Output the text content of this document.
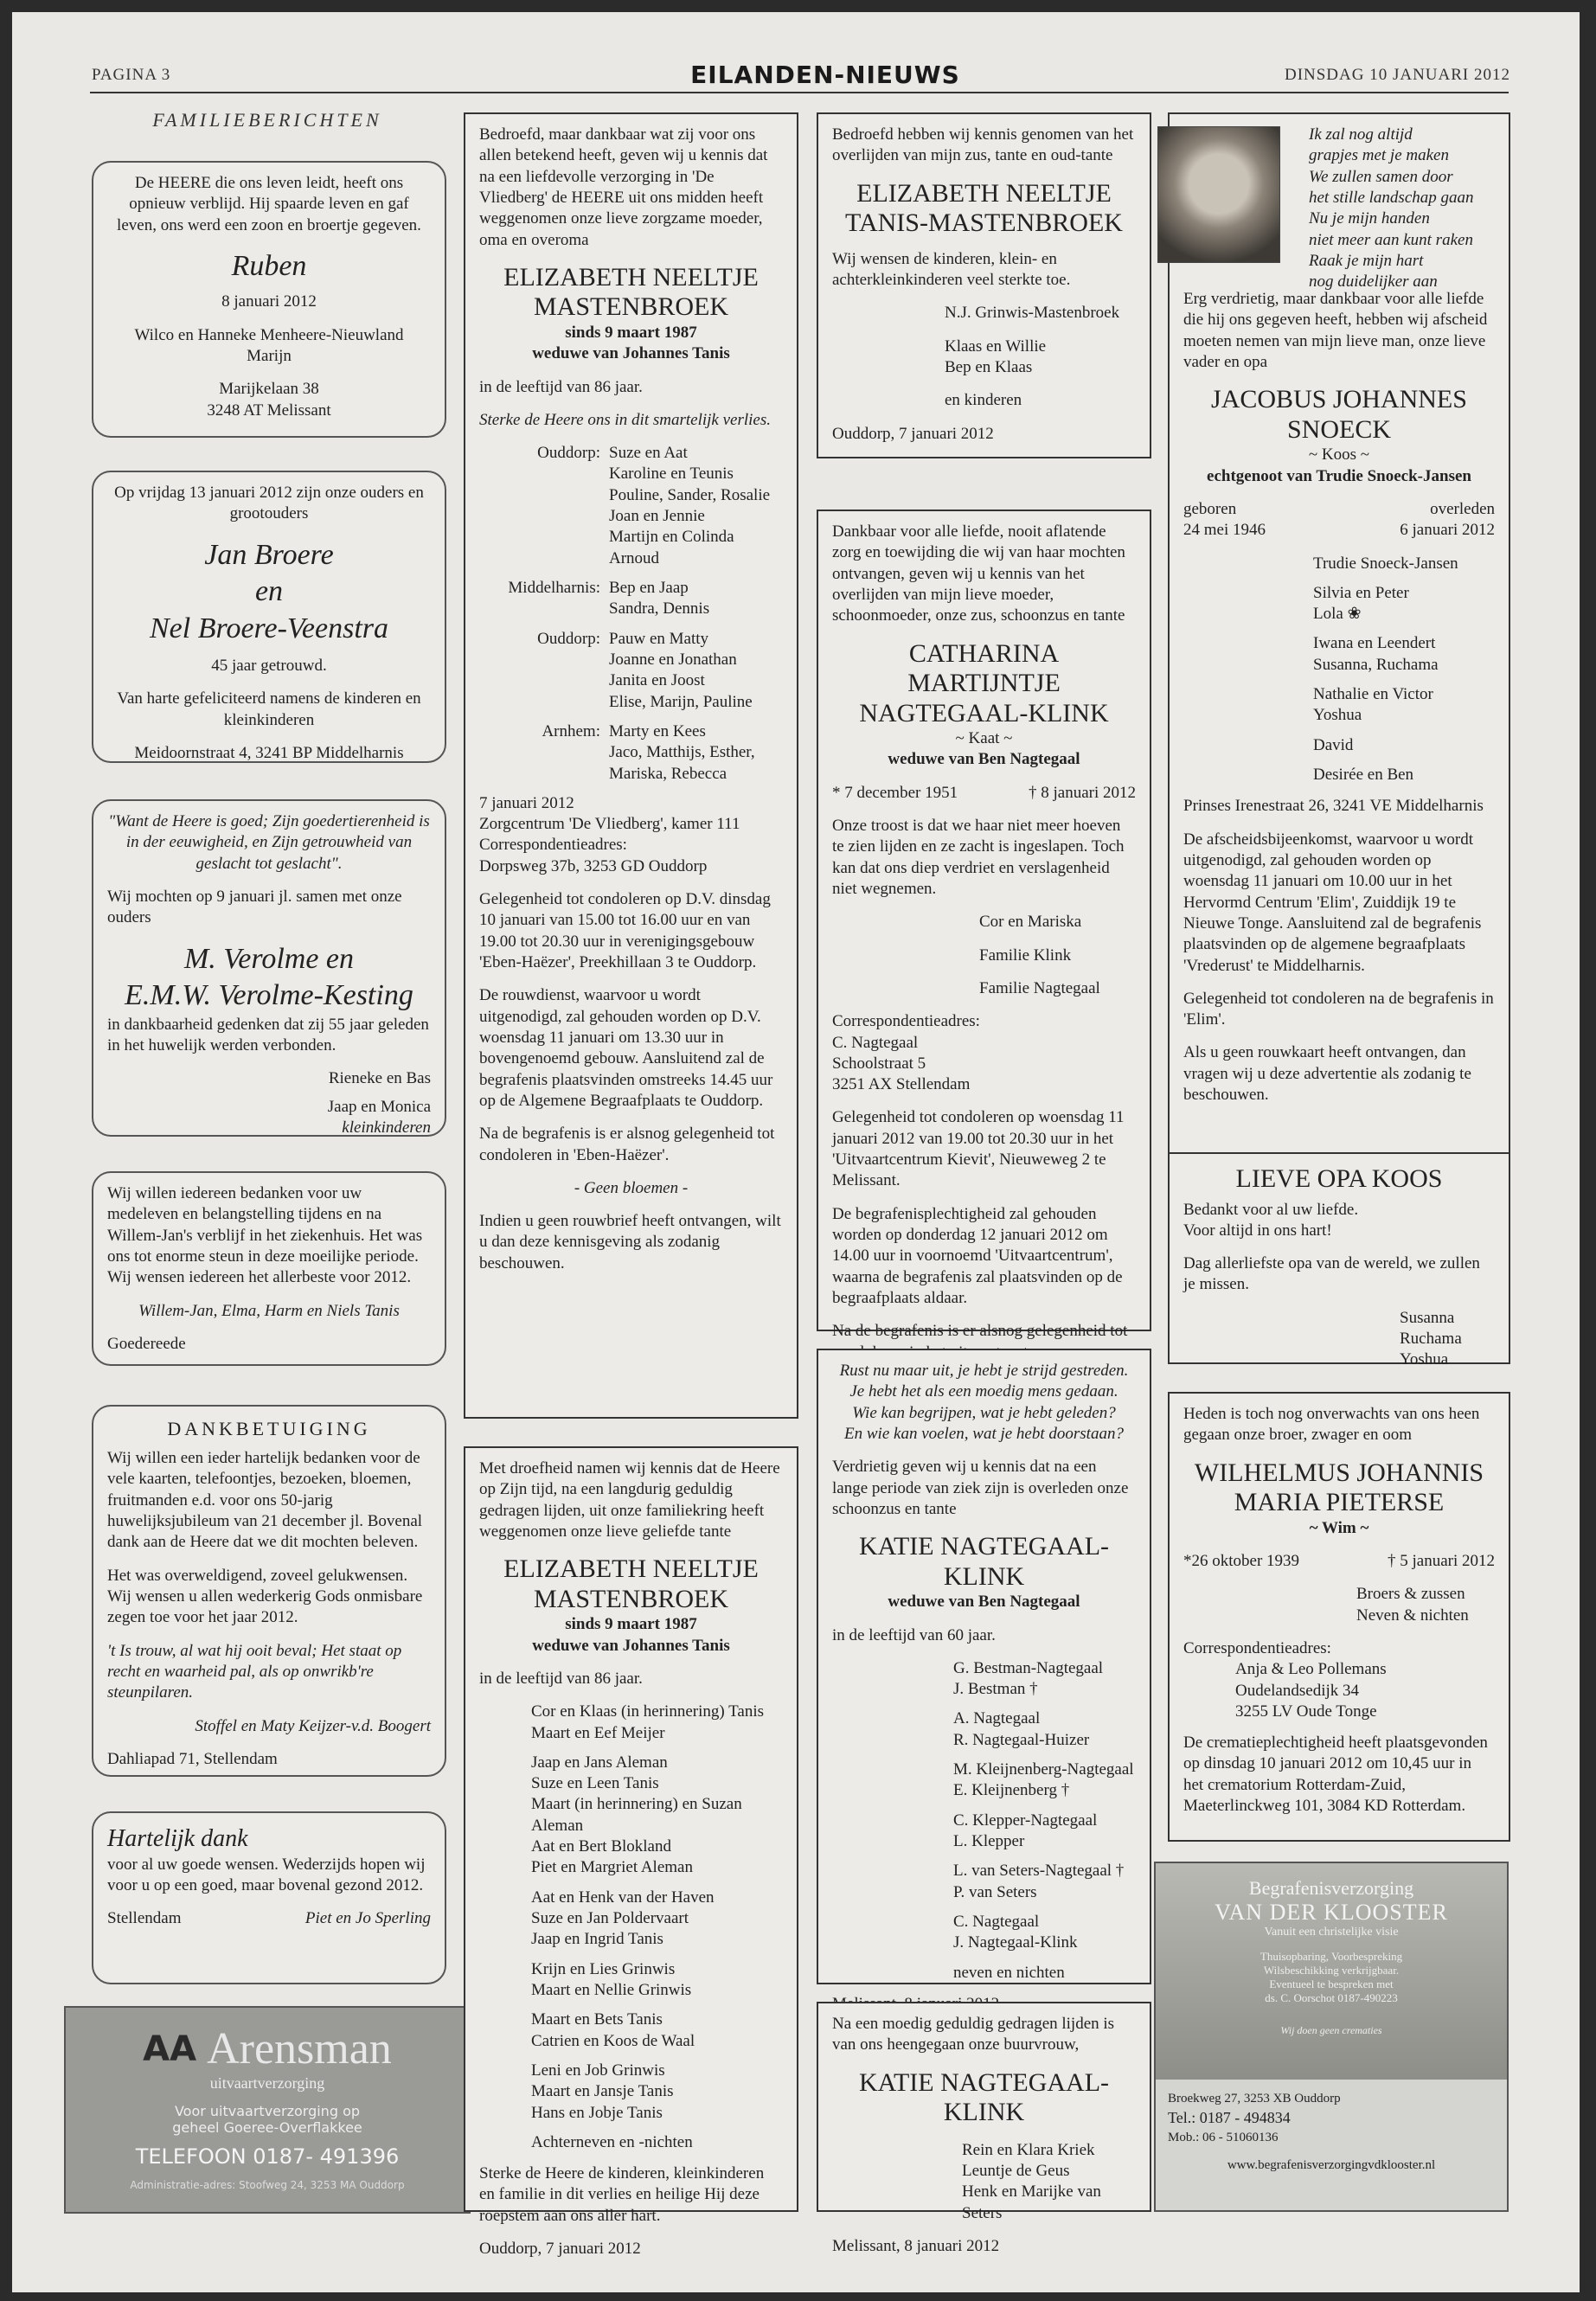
PAGINA 3	EILANDEN-NIEUWS	DINSDAG 10 JANUARI 2012
FAMILIEBERICHTEN

De HEERE die ons leven leidt, heeft ons opnieuw verblijd. Hij spaarde leven en gaf leven, ons werd een zoon en broertje gegeven.

Ruben

8 januari 2012

Wilco en Hanneke Menheere-Nieuwland

Marijn

Marijkelaan 38
3248 AT Melissant

Op vrijdag 13 januari 2012 zijn onze ouders en grootouders

Jan Broere
en
Nel Broere-Veenstra

45 jaar getrouwd.

Van harte gefeliciteerd namens de kinderen en kleinkinderen

Meidoornstraat 4, 3241 BP Middelharnis

"Want de Heere is goed; Zijn goedertierenheid is in der eeuwigheid, en Zijn getrouwheid van geslacht tot geslacht".

Wij mochten op 9 januari jl. samen met onze ouders

M. Verolme en
E.M.W. Verolme-Kesting

in dankbaarheid gedenken dat zij 55 jaar geleden in het huwelijk werden verbonden.

Rieneke en Bas
Jaap en Monica
kleinkinderen

Wij willen iedereen bedanken voor uw medeleven en belangstelling tijdens en na Willem-Jan's verblijf in het ziekenhuis. Het was ons tot enorme steun in deze moeilijke periode. Wij wensen iedereen het allerbeste voor 2012.

Willem-Jan, Elma, Harm en Niels Tanis

Goedereede
DANKBETUIGING

Wij willen een ieder hartelijk bedanken voor de vele kaarten, telefoontjes, bezoeken, bloemen, fruitmanden e.d. voor ons 50-jarig huwelijksjubileum van 21 december jl. Bovenal dank aan de Heere dat we dit mochten beleven.

Het was overweldigend, zoveel gelukwensen. Wij wensen u allen wederkerig Gods onmisbare zegen toe voor het jaar 2012.

't Is trouw, al wat hij ooit beval; Het staat op recht en waarheid pal, als op onwrikb're steunpilaren.

Stoffel en Maty Keijzer-v.d. Boogert

Dahliapad 71, Stellendam
Hartelijk dank

voor al uw goede wensen. Wederzijds hopen wij voor u op een goed, maar bovenal gezond 2012.

Stellendam	Piet en Jo Sperling
AA Arensman
uitvaartverzorging
Voor uitvaartverzorging op
geheel Goeree-Overflakkee
TELEFOON 0187- 491396
Administratie-adres: Stoofweg 24, 3253 MA Ouddorp

Bedroefd, maar dankbaar wat zij voor ons allen betekend heeft, geven wij u kennis dat na een liefdevolle verzorging in 'De Vliedberg' de HEERE uit ons midden heeft weggenomen onze lieve zorgzame moeder, oma en overoma

ELIZABETH NEELTJE MASTENBROEK
sinds 9 maart 1987

weduwe van Johannes Tanis

in de leeftijd van 86 jaar.

Sterke de Heere ons in dit smartelijk verlies.

Ouddorp: Suze en Aat
Karoline en Teunis
Pouline, Sander, Rosalie
Joan en Jennie
Martijn en Colinda
Arnoud
Middelharnis: Bep en Jaap
Sandra, Dennis
Ouddorp: Pauw en Matty
Joanne en Jonathan
Janita en Joost
Elise, Marijn, Pauline
Arnhem: Marty en Kees
Jaco, Matthijs, Esther,
Mariska, Rebecca
7 januari 2012
Zorgcentrum 'De Vliedberg', kamer 111
Correspondentieadres:

Dorpsweg 37b, 3253 GD Ouddorp

Gelegenheid tot condoleren op D.V. dinsdag 10 januari van 15.00 tot 16.00 uur en van 19.00 tot 20.30 uur in verenigingsgebouw 'Eben-Haëzer', Preekhillaan 3 te Ouddorp.

De rouwdienst, waarvoor u wordt uitgenodigd, zal gehouden worden op D.V. woensdag 11 januari om 13.30 uur in bovengenoemd gebouw. Aansluitend zal de begrafenis plaatsvinden omstreeks 14.45 uur op de Algemene Begraafplaats te Ouddorp.

Na de begrafenis is er alsnog gelegenheid tot condoleren in 'Eben-Haëzer'.

- Geen bloemen -

Indien u geen rouwbrief heeft ontvangen, wilt u dan deze kennisgeving als zodanig beschouwen.

Met droefheid namen wij kennis dat de Heere op Zijn tijd, na een langdurig geduldig gedragen lijden, uit onze familiekring heeft weggenomen onze lieve geliefde tante

ELIZABETH NEELTJE MASTENBROEK
sinds 9 maart 1987

weduwe van Johannes Tanis

in de leeftijd van 86 jaar.

Cor en Klaas (in herinnering) Tanis
Maart en Eef Meijer
Jaap en Jans Aleman
Suze en Leen Tanis
Maart (in herinnering) en Suzan Aleman
Aat en Bert Blokland
Piet en Margriet Aleman
Aat en Henk van der Haven
Suze en Jan Poldervaart
Jaap en Ingrid Tanis
Krijn en Lies Grinwis
Maart en Nellie Grinwis
Maart en Bets Tanis
Catrien en Koos de Waal
Leni en Job Grinwis
Maart en Jansje Tanis
Hans en Jobje Tanis
Achterneven en -nichten

Sterke de Heere de kinderen, kleinkinderen en familie in dit verlies en heilige Hij deze roepstem aan ons aller hart.

Ouddorp, 7 januari 2012

Bedroefd hebben wij kennis genomen van het overlijden van mijn zus, tante en oud-tante

ELIZABETH NEELTJE TANIS-MASTENBROEK

Wij wensen de kinderen, klein- en achterkleinkinderen veel sterkte toe.

N.J. Grinwis-Mastenbroek

Klaas en Willie

Bep en Klaas

en kinderen

Ouddorp, 7 januari 2012

Dankbaar voor alle liefde, nooit aflatende zorg en toewijding die wij van haar mochten ontvangen, geven wij u kennis van het overlijden van mijn lieve moeder, schoonmoeder, onze zus, schoonzus en tante

CATHARINA MARTIJNTJE NAGTEGAAL-KLINK
~ Kaat ~

weduwe van Ben Nagtegaal

* 7 december 1951	† 8 januari 2012

Onze troost is dat we haar niet meer hoeven te zien lijden en ze zacht is ingeslapen. Toch kan dat ons diep verdriet en verslagenheid niet wegnemen.

Cor en Mariska

Familie Klink

Familie Nagtegaal

Correspondentieadres:
C. Nagtegaal
Schoolstraat 5

3251 AX Stellendam

Gelegenheid tot condoleren op woensdag 11 januari 2012 van 19.00 tot 20.30 uur in het 'Uitvaartcentrum Kievit', Nieuweweg 2 te Melissant.

De begrafenisplechtigheid zal gehouden worden op donderdag 12 januari 2012 om 14.00 uur in voornoemd 'Uitvaartcentrum', waarna de begrafenis zal plaatsvinden op de begraafplaats aldaar.

Na de begrafenis is er alsnog gelegenheid tot
Rust nu maar uit, je hebt je strijd gestreden.
Je hebt het als een moedig mens gedaan.
Wie kan begrijpen, wat je hebt geleden?
En wie kan voelen, wat je hebt doorstaan?

Verdrietig geven wij u kennis dat na een lange periode van ziek zijn is overleden onze schoonzus en tante

KATIE NAGTEGAAL-KLINK

weduwe van Ben Nagtegaal

in de leeftijd van 60 jaar.

G. Bestman-Nagtegaal
J. Bestman †
A. Nagtegaal
R. Nagtegaal-Huizer
M. Kleijnenberg-Nagtegaal
E. Kleijnenberg †
C. Klepper-Nagtegaal
L. Klepper
L. van Seters-Nagtegaal †
P. van Seters
C. Nagtegaal
J. Nagtegaal-Klink
neven en nichten

Na een moedig geduldig gedragen lijden is van ons heengegaan onze buurvrouw,

KATIE NAGTEGAAL-KLINK

Rein en Klara Kriek
Leuntje de Geus
Henk en Marijke van Seters
Melissant, 8 januari 2012
Ik zal nog altijd
grapjes met je maken
We zullen samen door
het stille landschap gaan
Nu je mijn handen
niet meer aan kunt raken
Raak je mijn hart
nog duidelijker aan

Erg verdrietig, maar dankbaar voor alle liefde die hij ons gegeven heeft, hebben wij afscheid moeten nemen van mijn lieve man, onze lieve vader en opa

JACOBUS JOHANNES SNOECK
~ Koos ~

echtgenoot van Trudie Snoeck-Jansen

geboren	overleden

24 mei 1946	6 januari 2012

Trudie Snoeck-Jansen
Silvia en Peter
Lola ❀
Iwana en Leendert
Susanna, Ruchama
Nathalie en Victor
Yoshua
David
Desirée en Ben

Prinses Irenestraat 26, 3241 VE Middelharnis

De afscheidsbijeenkomst, waarvoor u wordt uitgenodigd, zal gehouden worden op woensdag 11 januari om 10.00 uur in het Hervormd Centrum 'Elim', Zuiddijk 19 te Nieuwe Tonge. Aansluitend zal de begrafenis plaatsvinden op de algemene begraafplaats 'Vrederust' te Middelharnis.

Gelegenheid tot condoleren na de begrafenis in 'Elim'.

Als u geen rouwkaart heeft ontvangen, dan vragen wij u deze advertentie als zodanig te beschouwen.
LIEVE OPA KOOS
Bedankt voor al uw liefde.

Voor altijd in ons hart!

Dag allerliefste opa van de wereld, we zullen je missen.

Susanna
Ruchama
Yoshua

Heden is toch nog onverwachts van ons heen gegaan onze broer, zwager en oom

WILHELMUS JOHANNIS MARIA PIETERSE

~ Wim ~

*26 oktober 1939	† 5 januari 2012

Broers & zussen
Neven & nichten
Correspondentieadres:
Anja & Leo Pollemans
Oudelandsedijk 34
3255 LV Oude Tonge
De crematieplechtigheid heeft plaatsgevonden op dinsdag 10 januari 2012 om 10,45 uur in het crematorium Rotterdam-Zuid, Maeterlinckweg 101, 3084 KD Rotterdam.
Begrafenisverzorging
VAN DER KLOOSTER
Vanuit een christelijke visie
Thuisopbaring, Voorbespreking
Wilsbeschikking verkrijgbaar.
Eventueel te bespreken met
ds. C. Oorschot 0187-490223
Wij doen geen crematies
Broekweg 27, 3253 XB Ouddorp
Tel.: 0187 - 494834
Mob.: 06 - 51060136
www.begrafenisverzorgingvdklooster.nl
